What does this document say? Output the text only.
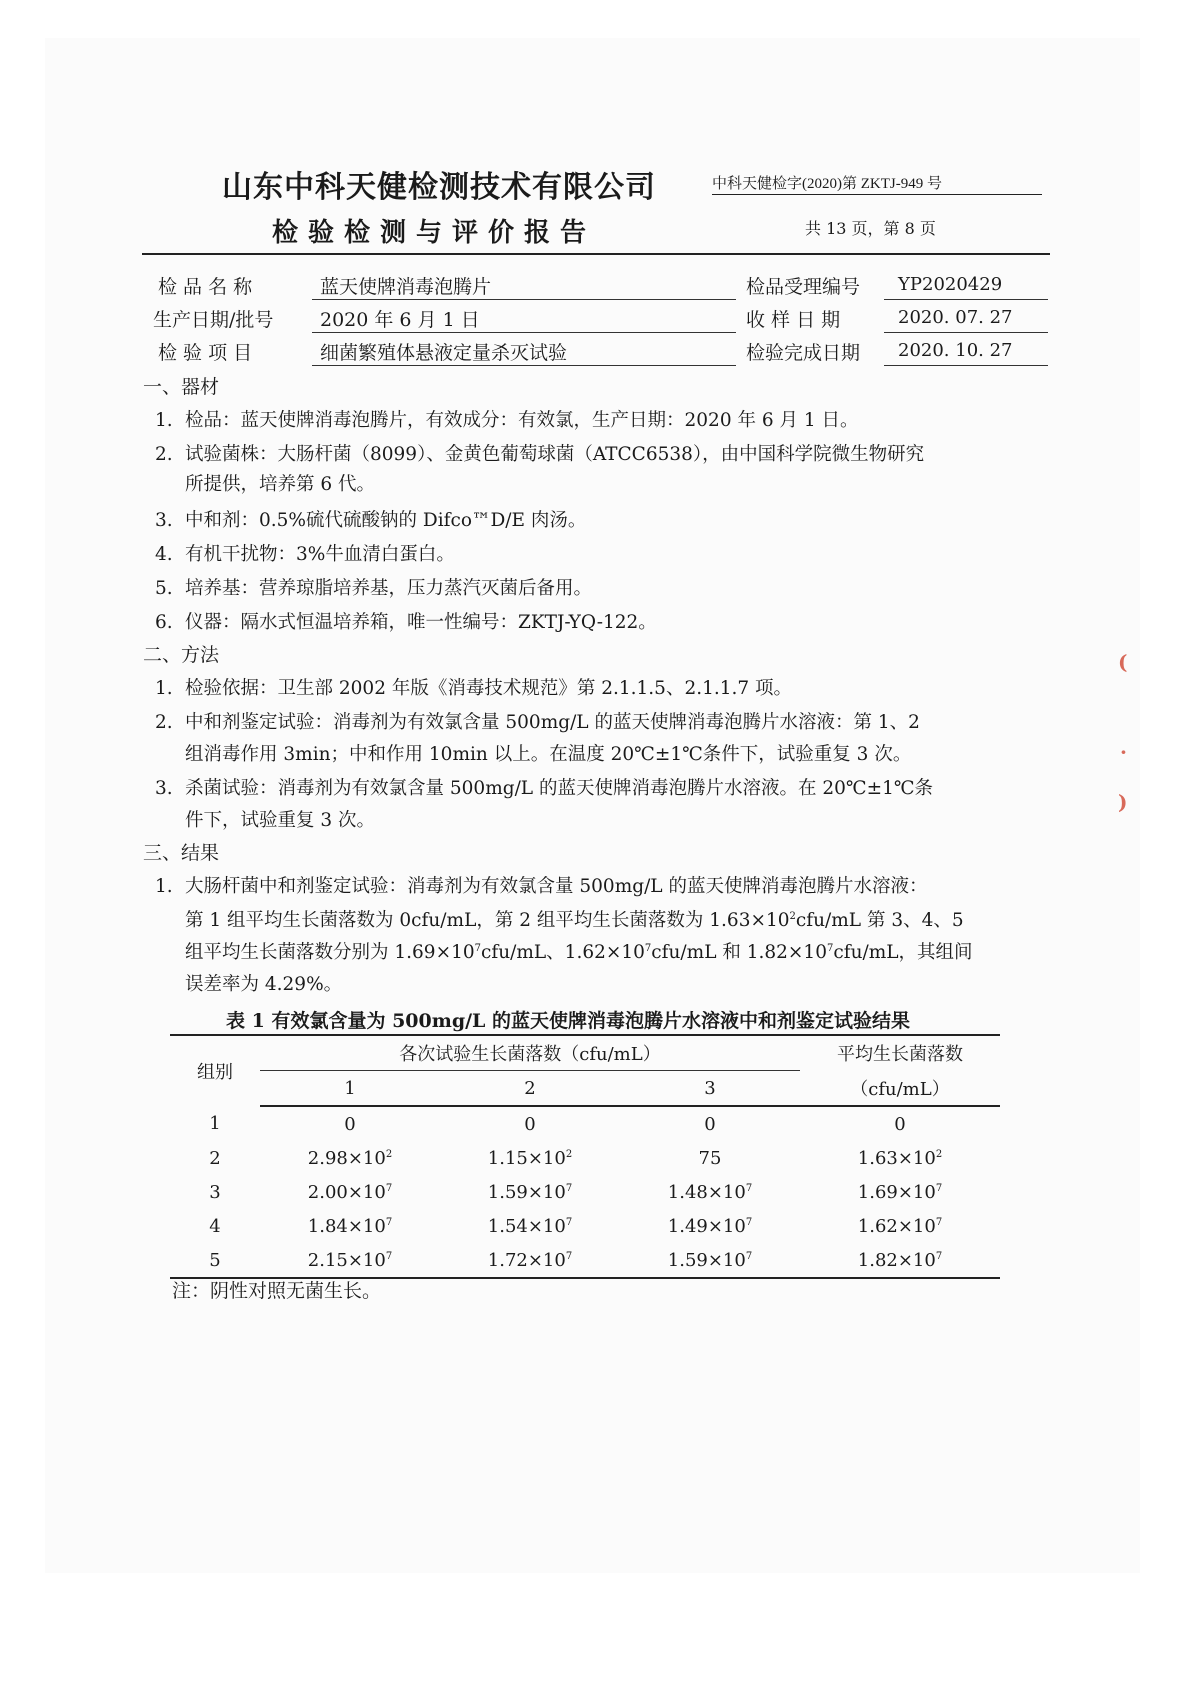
山东中科天健检测技术有限公司	中科天健检字(2020)第 ZKTJ-949 号
检验检测与评价报告	共 13 页，第 8 页
检 品 名 称	蓝天使牌消毒泡腾片	检品受理编号 YP2020429
生产日期/批号 2020 年 6 月 1 日	收 样 日 期	2020. 07. 27
检 验 项 目	细菌繁殖体悬液定量杀灭试验	检验完成日期 2020. 10. 27
一、器材
1. 检品：蓝天使牌消毒泡腾片，有效成分：有效氯，生产日期：2020 年 6 月 1 日。
2. 试验菌株：大肠杆菌（8099）、金黄色葡萄球菌（ATCC6538），由中国科学院微生物研究
所提供，培养第 6 代。
3. 中和剂：0.5%硫代硫酸钠的 Difco™D/E 肉汤。
4. 有机干扰物：3%牛血清白蛋白。
5. 培养基：营养琼脂培养基，压力蒸汽灭菌后备用。
6. 仪器：隔水式恒温培养箱，唯一性编号：ZKTJ-YQ-122。
二、方法
1. 检验依据：卫生部 2002 年版《消毒技术规范》第 2.1.1.5、2.1.1.7 项。
2. 中和剂鉴定试验：消毒剂为有效氯含量 500mg/L 的蓝天使牌消毒泡腾片水溶液：第 1、2
组消毒作用 3min；中和作用 10min 以上。在温度 20℃±1℃条件下，试验重复 3 次。
3. 杀菌试验：消毒剂为有效氯含量 500mg/L 的蓝天使牌消毒泡腾片水溶液。在 20℃±1℃条
件下，试验重复 3 次。
三、结果
1. 大肠杆菌中和剂鉴定试验：消毒剂为有效氯含量 500mg/L 的蓝天使牌消毒泡腾片水溶液：
第 1 组平均生长菌落数为 0cfu/mL，第 2 组平均生长菌落数为 $1.63\times 10^2cfu/mL$ 第 3、4、5
组平均生长菌落数分别为 $1.69\times 10^7cfu/mL$、$1.62\times 10^7cfu/mL$ 和 $1.82\times 10^7cfu/mL$，其组间
误差率为 4.29%。
表 1 有效氯含量为 500mg/L 的蓝天使牌消毒泡腾片水溶液中和剂鉴定试验结果
组别	各次试验生长菌落数（cfu/mL）			平均生长菌落数
	1	2	3	（cfu/mL）
1	0	0	0	0
2	$2.98\times 10^2$	$1.15\times 10^2$	75	$1.63\times 10^2$
3	$2.00\times 10^7$	$1.59\times 10^7$	$1.48\times 10^7$	$1.69\times 10^7$
4	$1.84\times 10^7$	$1.54\times 10^7$	$1.49\times 10^7$	$1.62\times 10^7$
5	$2.15\times 10^7$	$1.72\times 10^7$	$1.59\times 10^7$	$1.82\times 10^7$
注：阴性对照无菌生长。
(
·
)
